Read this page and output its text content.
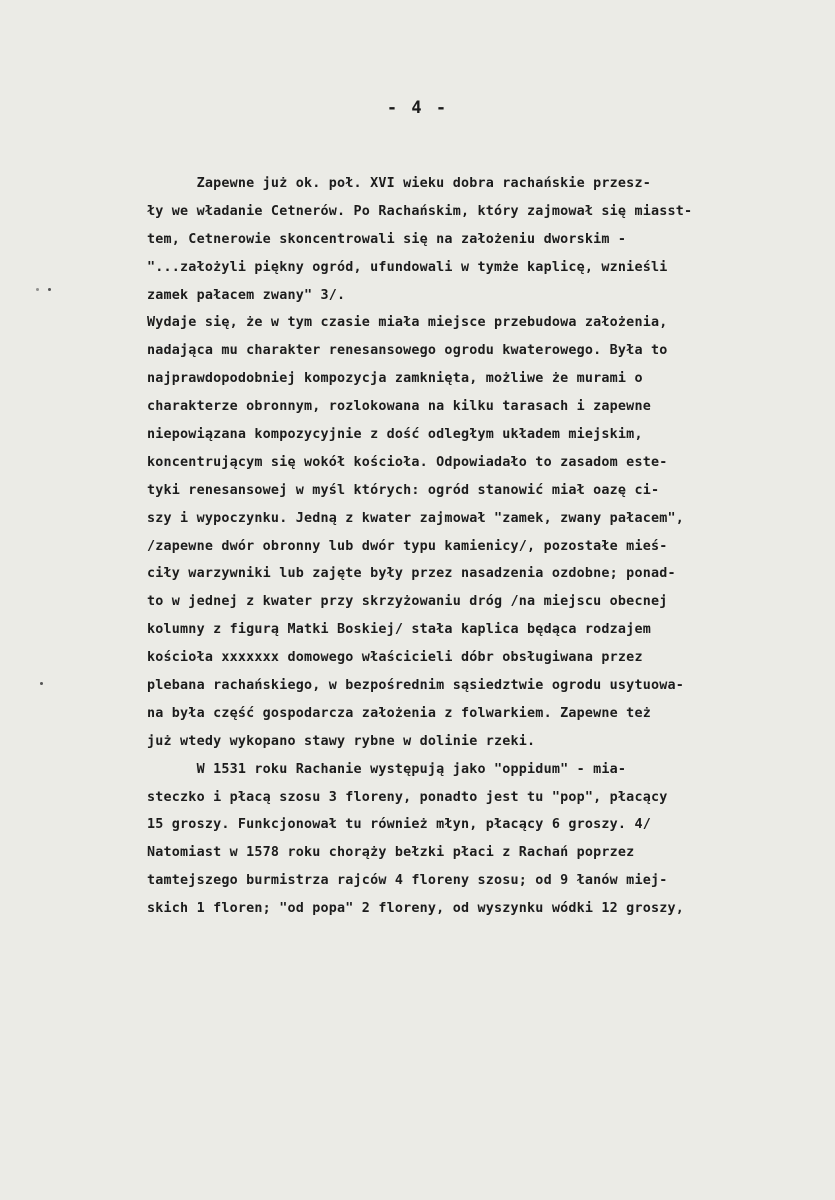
- 4 -
Zapewne już ok. poł. XVI wieku dobra rachańskie przesz-
ły we władanie Cetnerów. Po Rachańskim, który zajmował się miasst-
tem, Cetnerowie skoncentrowali się na założeniu dworskim -
"...założyli piękny ogród, ufundowali w tymże kaplicę, wznieśli
zamek pałacem zwany" 3/.
Wydaje się, że w tym czasie miała miejsce przebudowa założenia,
nadająca mu charakter renesansowego ogrodu kwaterowego. Była to
najprawdopodobniej kompozycja zamknięta, możliwe że murami o
charakterze obronnym, rozlokowana na kilku tarasach i zapewne
niepowiązana kompozycyjnie z dość odległym układem miejskim,
koncentrującym się wokół kościoła. Odpowiadało to zasadom este-
tyki renesansowej w myśl których: ogród stanowić miał oazę ci-
szy i wypoczynku. Jedną z kwater zajmował "zamek, zwany pałacem",
/zapewne dwór obronny lub dwór typu kamienicy/, pozostałe mieś-
ciły warzywniki lub zajęte były przez nasadzenia ozdobne; ponad-
to w jednej z kwater przy skrzyżowaniu dróg /na miejscu obecnej
kolumny z figurą Matki Boskiej/ stała kaplica będąca rodzajem
kościoła xxxxxxx domowego właścicieli dóbr obsługiwana przez
plebana rachańskiego, w bezpośrednim sąsiedztwie ogrodu usytuowa-
na była część gospodarcza założenia z folwarkiem. Zapewne też
już wtedy wykopano stawy rybne w dolinie rzeki.
W 1531 roku Rachanie występują jako "oppidum" - mia-
steczko i płacą szosu 3 floreny, ponadto jest tu "pop", płacący
15 groszy. Funkcjonował tu również młyn, płacący 6 groszy. 4/
Natomiast w 1578 roku chorąży bełzki płaci z Rachań poprzez
tamtejszego burmistrza rajców 4 floreny szosu; od 9 łanów miej-
skich 1 floren; "od popa" 2 floreny, od wyszynku wódki 12 groszy,
